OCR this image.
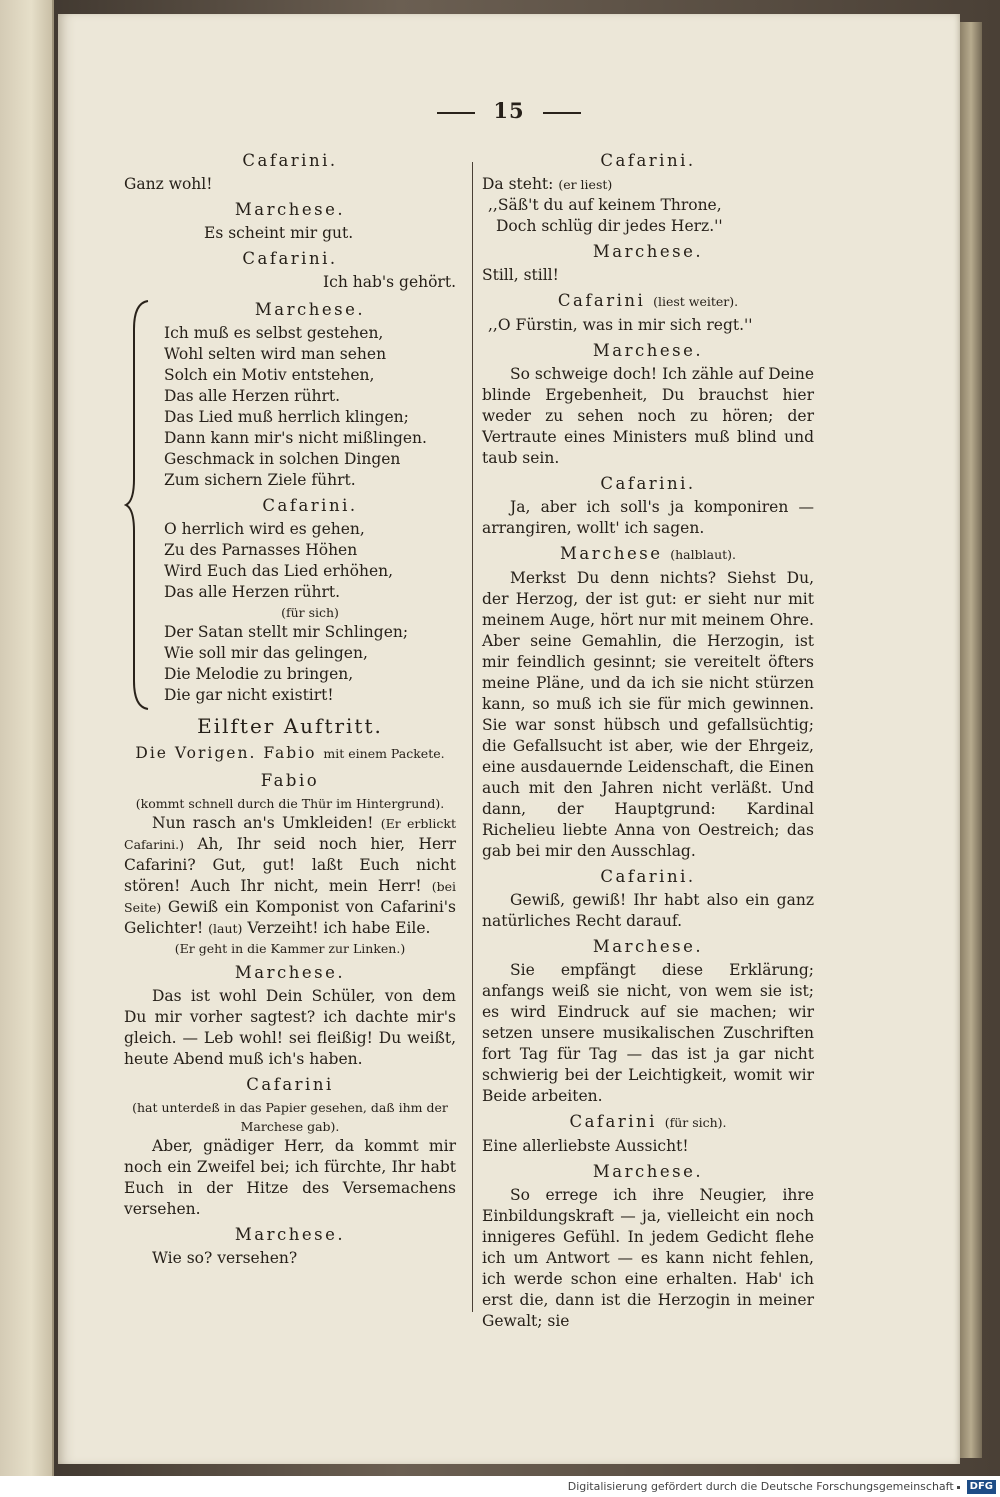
15
Cafarini.
Ganz wohl!
Marchese.
Es scheint mir gut.
Cafarini.
Ich hab's gehört.
Marchese.
Ich muß es selbst gestehen,
Wohl selten wird man sehen
Solch ein Motiv entstehen,
Das alle Herzen rührt.
Das Lied muß herrlich klingen;
Dann kann mir's nicht mißlingen.
Geschmack in solchen Dingen
Zum sichern Ziele führt.
Cafarini.
O herrlich wird es gehen,
Zu des Parnasses Höhen
Wird Euch das Lied erhöhen,
Das alle Herzen rührt.
(für sich)
Der Satan stellt mir Schlingen;
Wie soll mir das gelingen,
Die Melodie zu bringen,
Die gar nicht existirt!
Eilfter Auftritt.
Die Vorigen. Fabio mit einem Packete.
Fabio
(kommt schnell durch die Thür im Hintergrund).

Nun rasch an's Umkleiden! (Er erblickt Cafarini.) Ah, Ihr seid noch hier, Herr Cafarini? Gut, gut! laßt Euch nicht stören! Auch Ihr nicht, mein Herr! (bei Seite) Gewiß ein Komponist von Cafarini's Gelichter! (laut) Verzeiht! ich habe Eile.

(Er geht in die Kammer zur Linken.)
Marchese.

Das ist wohl Dein Schüler, von dem Du mir vorher sagtest? ich dachte mir's gleich. — Leb wohl! sei fleißig! Du weißt, heute Abend muß ich's haben.

Cafarini
(hat unterdeß in das Papier gesehen, daß ihm der Marchese gab).

Aber, gnädiger Herr, da kommt mir noch ein Zweifel bei; ich fürchte, Ihr habt Euch in der Hitze des Versemachens versehen.

Marchese.

Wie so? versehen?

Cafarini.
Da steht: (er liest)
,,Säß't du auf keinem Throne,
Doch schlüg dir jedes Herz.''
Marchese.
Still, still!
Cafarini (liest weiter).
,,O Fürstin, was in mir sich regt.''
Marchese.

So schweige doch! Ich zähle auf Deine blinde Ergebenheit, Du brauchst hier weder zu sehen noch zu hören; der Vertraute eines Ministers muß blind und taub sein.

Cafarini.

Ja, aber ich soll's ja komponiren — arrangiren, wollt' ich sagen.

Marchese (halblaut).

Merkst Du denn nichts? Siehst Du, der Herzog, der ist gut: er sieht nur mit meinem Auge, hört nur mit meinem Ohre. Aber seine Gemahlin, die Herzogin, ist mir feindlich gesinnt; sie vereitelt öfters meine Pläne, und da ich sie nicht stürzen kann, so muß ich sie für mich gewinnen. Sie war sonst hübsch und gefallsüchtig; die Gefallsucht ist aber, wie der Ehrgeiz, eine ausdauernde Leidenschaft, die Einen auch mit den Jahren nicht verläßt. Und dann, der Hauptgrund: Kardinal Richelieu liebte Anna von Oestreich; das gab bei mir den Ausschlag.

Cafarini.

Gewiß, gewiß! Ihr habt also ein ganz natürliches Recht darauf.

Marchese.

Sie empfängt diese Erklärung; anfangs weiß sie nicht, von wem sie ist; es wird Eindruck auf sie machen; wir setzen unsere musikalischen Zuschriften fort Tag für Tag — das ist ja gar nicht schwierig bei der Leichtigkeit, womit wir Beide arbeiten.

Cafarini (für sich).
Eine allerliebste Aussicht!
Marchese.

So errege ich ihre Neugier, ihre Einbildungskraft — ja, vielleicht ein noch innigeres Gefühl. In jedem Gedicht flehe ich um Antwort — es kann nicht fehlen, ich werde schon eine erhalten. Hab' ich erst die, dann ist die Herzogin in meiner Gewalt; sie

Digitalisierung gefördert durch die Deutsche Forschungsgemeinschaft DFG
